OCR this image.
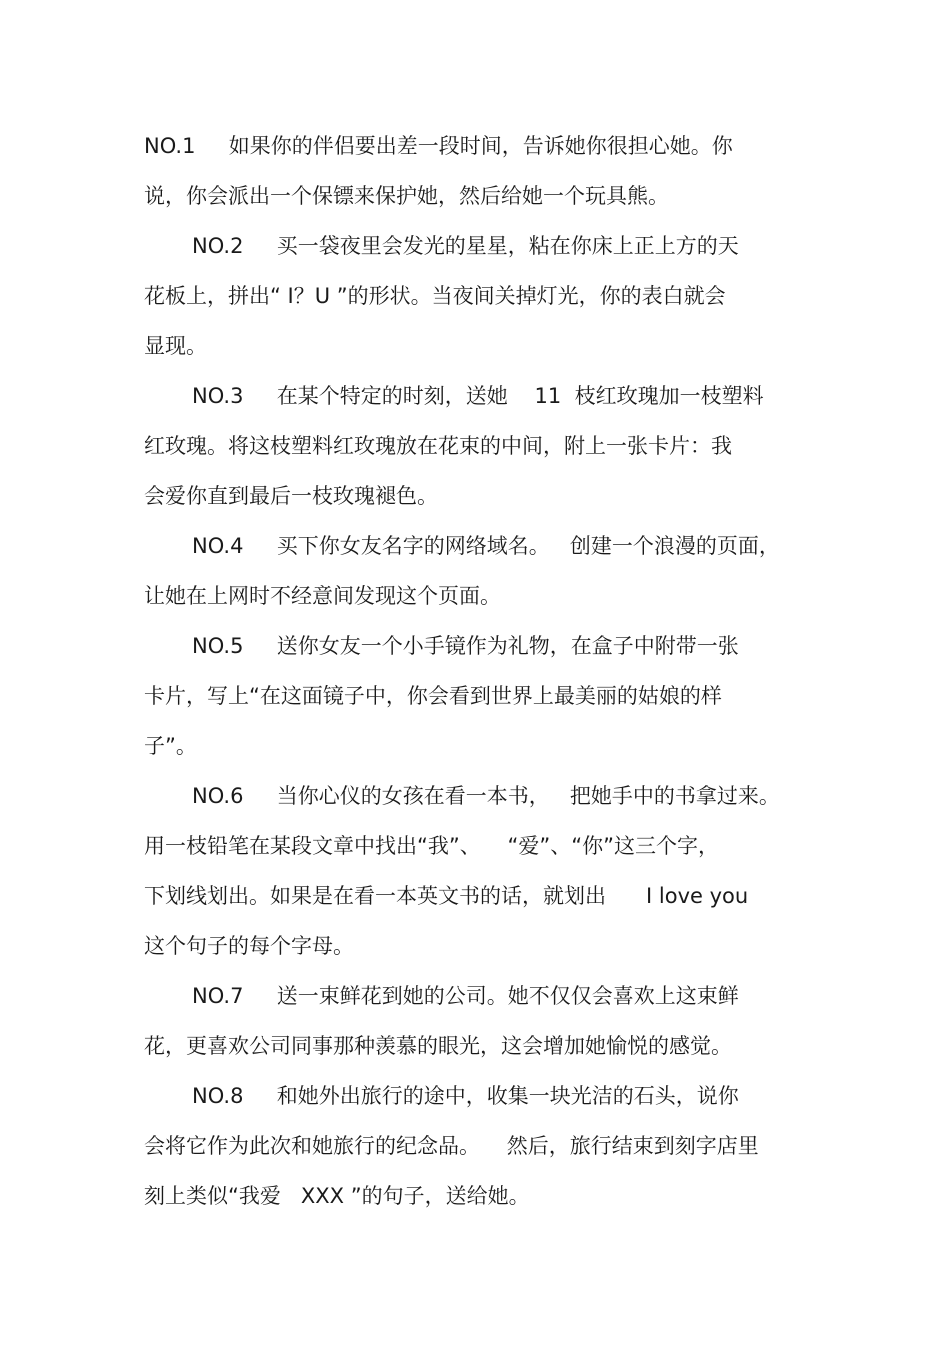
NO.1     如果你的伴侣要出差一段时间，告诉她你很担心她。你
说，你会派出一个保镖来保护她，然后给她一个玩具熊。
NO.2     买一袋夜里会发光的星星，粘在你床上正上方的天
花板上，拼出“ I？U ”的形状。当夜间关掉灯光，你的表白就会
显现。
NO.3     在某个特定的时刻，送她    11  枝红玫瑰加一枝塑料
红玫瑰。将这枝塑料红玫瑰放在花束的中间，附上一张卡片：我
会爱你直到最后一枝玫瑰褪色。
NO.4     买下你女友名字的网络域名。   创建一个浪漫的页面，
让她在上网时不经意间发现这个页面。
NO.5     送你女友一个小手镜作为礼物，在盒子中附带一张
卡片，写上“在这面镜子中，你会看到世界上最美丽的姑娘的样
子”。
NO.6     当你心仪的女孩在看一本书，   把她手中的书拿过来。
用一枝铅笔在某段文章中找出“我”、    “爱”、“你”这三个字，
下划线划出。如果是在看一本英文书的话，就划出      I love you
这个句子的每个字母。
NO.7     送一束鲜花到她的公司。她不仅仅会喜欢上这束鲜
花，更喜欢公司同事那种羡慕的眼光，这会增加她愉悦的感觉。
NO.8     和她外出旅行的途中，收集一块光洁的石头，说你
会将它作为此次和她旅行的纪念品。    然后，旅行结束到刻字店里
刻上类似“我爱   XXX ”的句子，送给她。
